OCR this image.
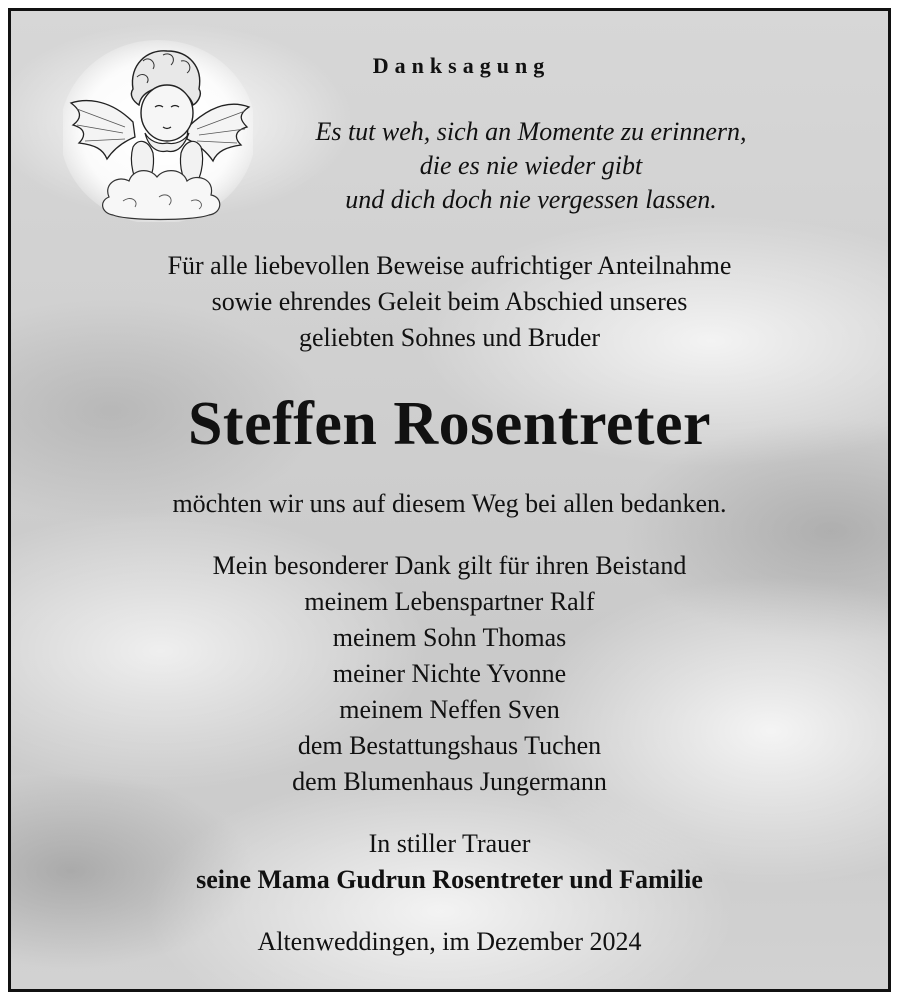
Danksagung

Es tut weh, sich an Momente zu erinnern,

die es nie wieder gibt

und dich doch nie vergessen lassen.

Für alle liebevollen Beweise aufrichtiger Anteilnahme

sowie ehrendes Geleit beim Abschied unseres

geliebten Sohnes und Bruder

Steffen Rosentreter

möchten wir uns auf diesem Weg bei allen bedanken.

Mein besonderer Dank gilt für ihren Beistand

meinem Lebenspartner Ralf

meinem Sohn Thomas

meiner Nichte Yvonne

meinem Neffen Sven

dem Bestattungshaus Tuchen

dem Blumenhaus Jungermann

In stiller Trauer

seine Mama Gudrun Rosentreter und Familie

Altenweddingen, im Dezember 2024
